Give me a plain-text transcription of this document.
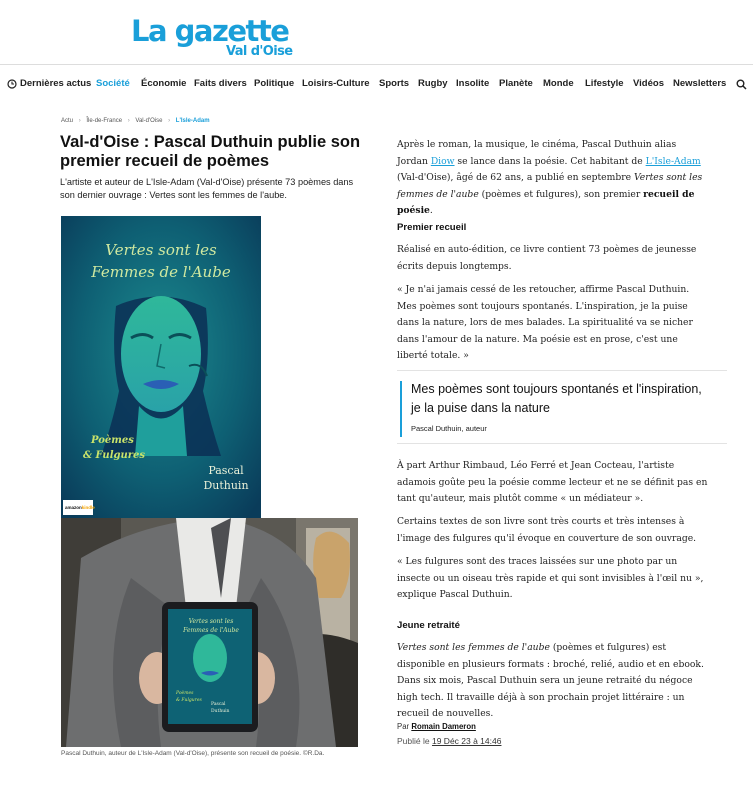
La gazette
Val d'Oise
Dernières actus Société Économie Faits divers Politique Loisirs-Culture Sports Rugby Insolite Planète Monde Lifestyle Vidéos Newsletters
Actu › Île-de-France › Val-d'Oise › L'Isle-Adam
Val-d'Oise : Pascal Duthuin publie son premier recueil de poèmes

L'artiste et auteur de L'Isle-Adam (Val-d'Oise) présente 73 poèmes dans son dernier ouvrage : Vertes sont les femmes de l'aube.

Vertes sont les
Femmes de l'Aube
Poèmes
& Fulgures
Pascal
Duthuin
amazonkindle
Vertes sont les
Femmes de l'Aube
Poèmes
& Fulgures
Pascal
Duthuin
Pascal Duthuin, auteur de L'Isle-Adam (Val-d'Oise), présente son recueil de poésie. ©R.Da.

Après le roman, la musique, le cinéma, Pascal Duthuin alias Jordan Diow se lance dans la poésie. Cet habitant de L'Isle-Adam (Val-d'Oise), âgé de 62 ans, a publié en septembre Vertes sont les femmes de l'aube (poèmes et fulgures), son premier recueil de poésie.

Premier recueil

Réalisé en auto-édition, ce livre contient 73 poèmes de jeunesse écrits depuis longtemps.

« Je n'ai jamais cessé de les retoucher, affirme Pascal Duthuin. Mes poèmes sont toujours spontanés. L'inspiration, je la puise dans la nature, lors de mes balades. La spiritualité va se nicher dans l'amour de la nature. Ma poésie est en prose, c'est une liberté totale. »

Mes poèmes sont toujours spontanés et l'inspiration, je la puise dans la nature
Pascal Duthuin, auteur

À part Arthur Rimbaud, Léo Ferré et Jean Cocteau, l'artiste adamois goûte peu la poésie comme lecteur et ne se définit pas en tant qu'auteur, mais plutôt comme « un médiateur ».

Certains textes de son livre sont très courts et très intenses à l'image des fulgures qu'il évoque en couverture de son ouvrage.

« Les fulgures sont des traces laissées sur une photo par un insecte ou un oiseau très rapide et qui sont invisibles à l'œil nu », explique Pascal Duthuin.

Jeune retraité

Vertes sont les femmes de l'aube (poèmes et fulgures) est disponible en plusieurs formats : broché, relié, audio et en ebook. Dans six mois, Pascal Duthuin sera un jeune retraité du négoce high tech. Il travaille déjà à son prochain projet littéraire : un recueil de nouvelles.

Par Romain Dameron
Publié le 19 Déc 23 à 14:46
